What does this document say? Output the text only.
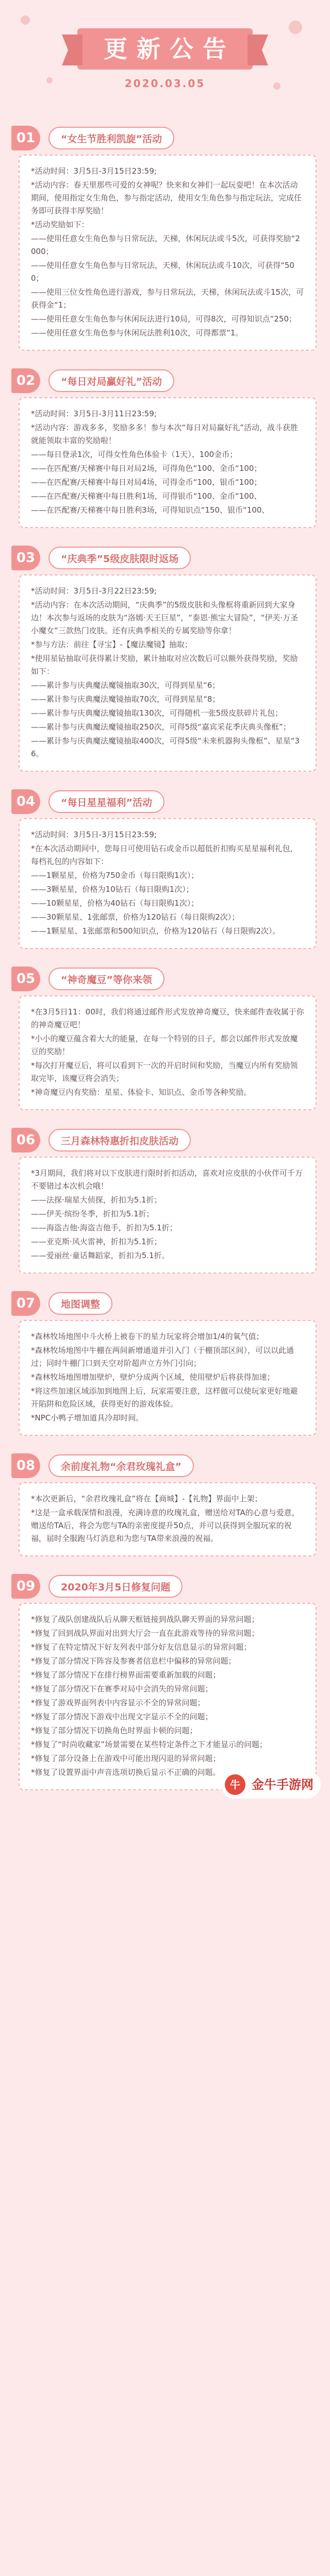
更新公告
2020.03.05
01	“女生节胜利凯旋”活动

*活动时间：3月5日-3月15日23:59;

*活动内容：春天里那些可爱的女神呢？快来和女神们一起玩耍吧！在本次活动期间，使用指定女生角色，参与指定活动，使用女生角色参与指定玩法，完成任务即可获得丰厚奖励！

*活动奖励如下：

——使用任意女生角色参与日常玩法，天梯，休闲玩法或斗5次，可获得奖励“2000；

——使用任意女生角色参与日常玩法，天梯，休闲玩法或斗10次，可获得“500；

——使用三位女性角色进行游戏，参与日常玩法，天梯，休闲玩法或斗15次，可获得金“1；

——使用任意女生角色参与休闲玩法进行10局，可得8次，可得知识点“250；

——使用任意女生角色参与休闲玩法胜利10次，可得都票“1。

02	“每日对局赢好礼”活动

*活动时间：3月5日-3月11日23:59;

*活动内容：游戏多多，奖励多多！参与本次“每日对局赢好礼”活动，战斗获胜就能领取丰富的奖励啦！

——每日登录1次，可得女性角色体验卡（1天）、100金币；

——在匹配赛/天梯赛中每日对局2场，可得角色“100、金币“100；

——在匹配赛/天梯赛中每日对局4场，可得金币“100、银币“100；

——在匹配赛/天梯赛中每日胜利1场，可得银币“100、金币“100、

——在匹配赛/天梯赛中每日胜利3场，可得知识点“150、银币“100、

03	“庆典季”5级皮肤限时返场

*活动时间：3月5日-3月22日23:59;

*活动内容：在本次活动期间，“庆典季”的5级皮肤和头像框将重新回到大家身边！本次参与返场的皮肤为“洛嫣·天王巨星”，“泰恩·熊宝大冒险”，“伊芙·万圣小魔女”三款热门皮肤。还有庆典季相关的专属奖励等你拿！

*参与方法：前往【寻宝】-【魔法魔镜】抽取；

*使用星钻抽取可获得累计奖励，累计抽取对应次数后可以额外获得奖励，奖励如下：

——累计参与庆典魔法魔镜抽取30次，可得到星星“6；

——累计参与庆典魔法魔镜抽取70次，可得到星星“8；

——累计参与庆典魔法魔镜抽取130次，可得随机一张5级皮肤碎片礼包；

——累计参与庆典魔法魔镜抽取250次，可得5级“嘉宾采花季庆典头像框”；

——累计参与庆典魔法魔镜抽取400次，可得5级“未来机器狗头像框”、星星“36。

04	“每日星星福利”活动

*活动时间：3月5日-3月15日23:59;

*在本次活动期间中，您每日可使用钻石或金币以超低折扣购买星星福利礼包，每档礼包的内容如下：

——1颗星星，价格为750金币（每日限购1次）；

——3颗星星，价格为10钻石（每日限购1次）；

——10颗星星，价格为40钻石（每日限购1次）；

——30颗星星、1张邮票，价格为120钻石（每日限购2次）；

——1颗星星、1张邮票和500知识点，价格为120钻石（每日限购2次）。

05	“神奇魔豆”等你来领

*在3月5日11：00时，我们将通过邮件形式发放神奇魔豆，快来邮件查收属于你的神奇魔豆吧！

*小小的魔豆蕴含着大大的能量，在每一个特别的日子，都会以邮件形式发放魔豆的奖励！

*每次打开魔豆后，将可以看到下一次的开启时间和奖励，当魔豆内所有奖励领取完毕，该魔豆将会消失；

*神奇魔豆内有奖励：星星、体验卡、知识点、金币等各种奖励。

06	三月森林特惠折扣皮肤活动

*3月期间，我们将对以下皮肤进行限时折扣活动，喜欢对应皮肤的小伙伴可千万不要错过本次机会哦！

——法探·瑞星大侦探，折扣为5.1折；

——伊芙·缤纷冬季，折扣为5.1折；

——海盗吉他·海盗吉他手，折扣为5.1折；

——亚克斯·风火雷神，折扣为5.1折；

——爱丽丝·童话舞蹈家，折扣为5.1折。

07	地图调整

*森林牧场地图中斗火桥上被卷下的星力玩家将会增加1/4的氧气值；

*森林牧场地图中牛棚在两间新增通道并引入门（于棚顶部区间），可以以此通过；同时牛棚门口到天空对阶超声立方外门引向；

*森林牧场地图增加壁炉，壁炉分成两个区域，使用壁炉后将获得加速；

*将这些加速区域添加到地图上后，玩家需要注意，这样做可以使玩家更好地避开陷阱和危险区域，获得更好的游戏体验。

*NPC小鸭子增加道具冷却时间。

08	余前度礼物“余君玫瑰礼盒”

*本次更新后，“余君玫瑰礼盒”将在【商城】-【礼物】界面中上架；

*这是一盒承载深情和浪漫，充满诗意的玫瑰礼盒，赠送给对TA的心意与爱意，赠送给TA后，将会为您与TA的亲密度提升50点，并可以获得到全服玩家的祝福，届时全服跑马灯消息和为您与TA带来浪漫的祝福。

09	2020年3月5日修复问题

*修复了战队创建战队后从聊天框链接到战队聊天界面的异常问题；

*修复了回到战队界面对出到大厅会一直在此游戏等待的异常问题；

*修复了在特定情况下好友列表中部分好友信息显示的异常问题；

*修复了部分情况下阵容及参赛者信息栏中偏移的异常问题；

*修复了部分情况下在排行榜界面需要重新加载的问题；

*修复了部分情况下在赛季对局中会消失的异常问题；

*修复了游戏界面列表中内容显示不全的异常问题；

*修复了部分情况下游戏中出现文字显示不全的问题；

*修复了部分情况下切换角色时界面卡顿的问题；

*修复了“时尚收藏家”场景需要在某些特定条件之下才能显示的问题；

*修复了部分设备上在游戏中可能出现闪退的异常问题；

*修复了设置界面中声音选项切换后显示不正确的问题。

牛 金牛手游网
